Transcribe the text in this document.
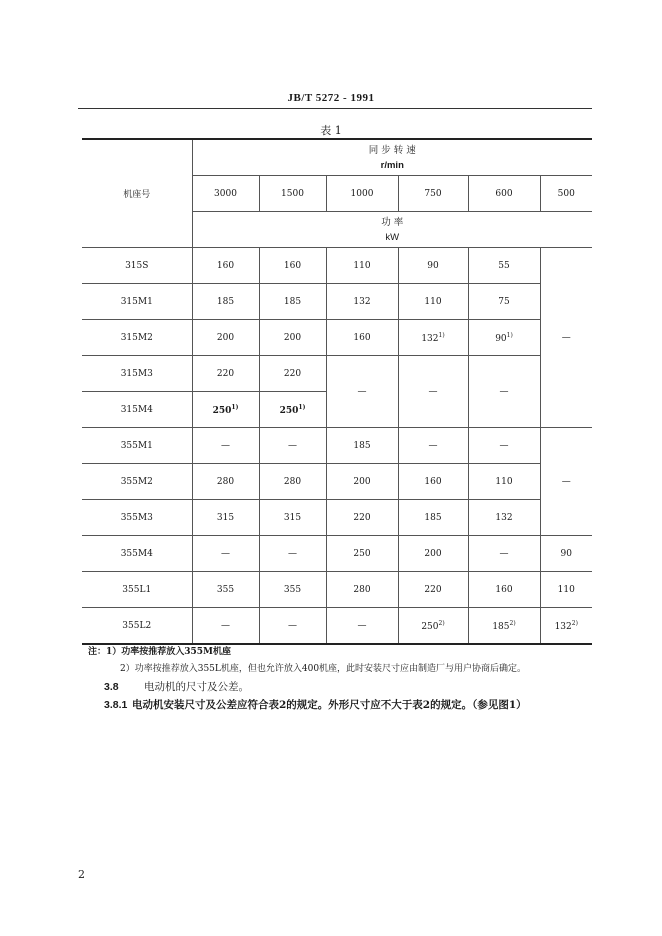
JB/T 5272 - 1991
表 1
机座号	同 步 转 速
r/min					

	3000	1500	1000	750	600	500

	功 率
kW					

315S	160	160	110	90	55	—
315M1	185	185	132	110	75	
315M2	200	200	160	132$^{1)}$	90$^{1)}$
315M3	220	220	—	—	—	
315M4	250$^{1)}$	250$^{1)}$
355M1	—	—	185	—	—	—
355M2	280	280	200	160	110	
355M3	315	315	220	185	132	
355M4	—	—	250	200	—	90
355L1	355	355	280	220	160	110
355L2	—	—	—	250$^{2)}$	185$^{2)}$	132$^{2)}$
注：1）功率按推荐放入355M机座
2）功率按推荐放入355L机座，但也允许放入400机座，此时安装尺寸应由制造厂与用户协商后确定。
3.8 电动机的尺寸及公差。
3.8.1 电动机安装尺寸及公差应符合表2的规定。外形尺寸应不大于表2的规定。（参见图1）
2
